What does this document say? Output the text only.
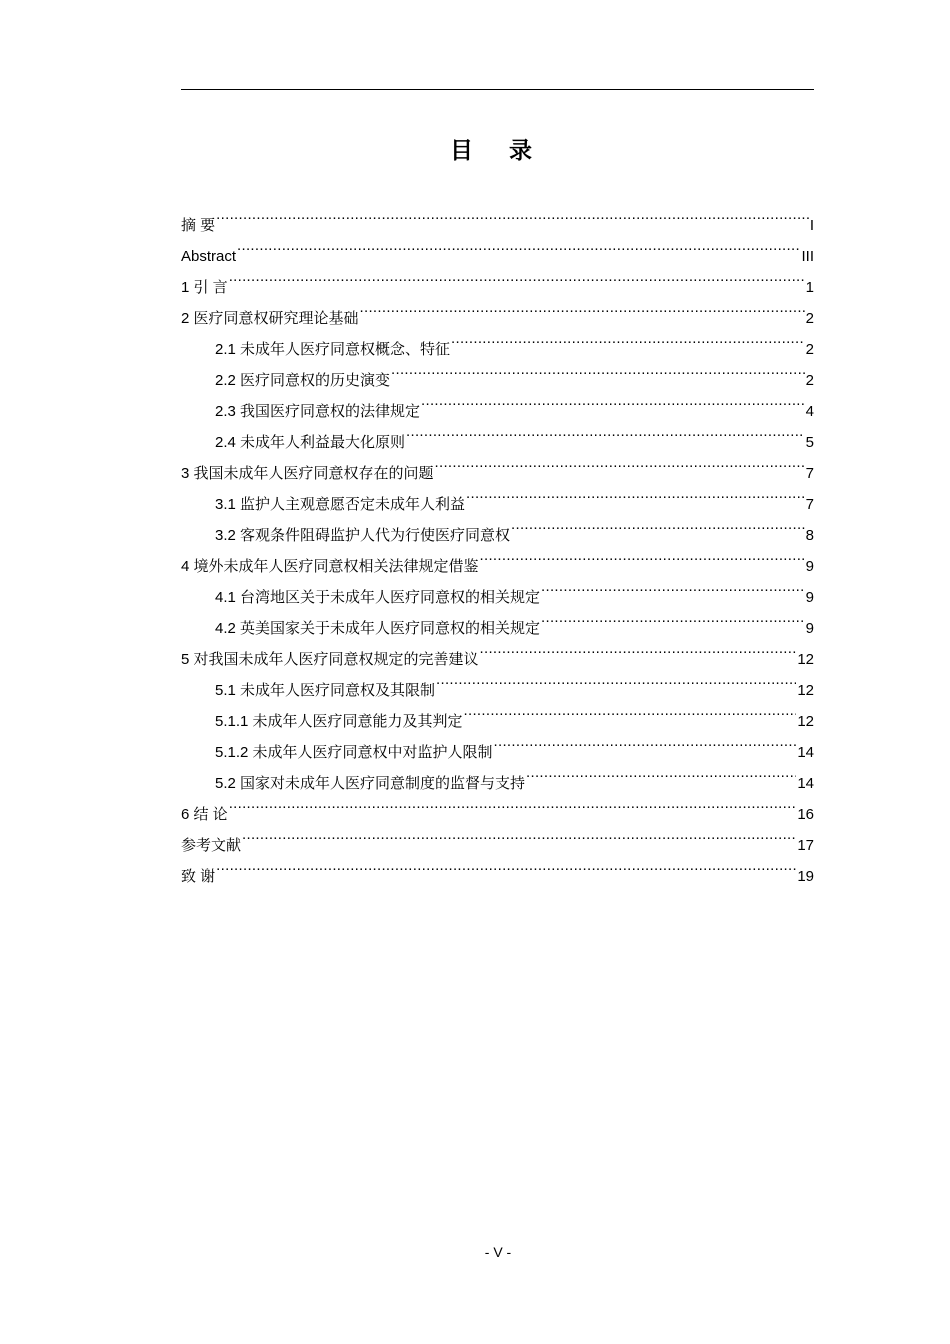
目 录
摘 要 .....	I
Abstract .....	III
1 引 言 .....	1
2 医疗同意权研究理论基础 .....	2
2.1 未成年人医疗同意权概念、特征 .....	2
2.2 医疗同意权的历史演变 .....	2
2.3 我国医疗同意权的法律规定 .....	4
2.4 未成年人利益最大化原则 .....	5
3 我国未成年人医疗同意权存在的问题 .....	7
3.1 监护人主观意愿否定未成年人利益 .....	7
3.2 客观条件阻碍监护人代为行使医疗同意权 .....	8
4 境外未成年人医疗同意权相关法律规定借鉴 .....	9
4.1 台湾地区关于未成年人医疗同意权的相关规定 .....	9
4.2 英美国家关于未成年人医疗同意权的相关规定 .....	9
5 对我国未成年人医疗同意权规定的完善建议 .....	12
5.1 未成年人医疗同意权及其限制 .....	12
5.1.1 未成年人医疗同意能力及其判定 .....	12
5.1.2 未成年人医疗同意权中对监护人限制 .....	14
5.2 国家对未成年人医疗同意制度的监督与支持 .....	14
6 结 论 .....	16
参考文献 .....	17
致 谢 .....	19
- V -
